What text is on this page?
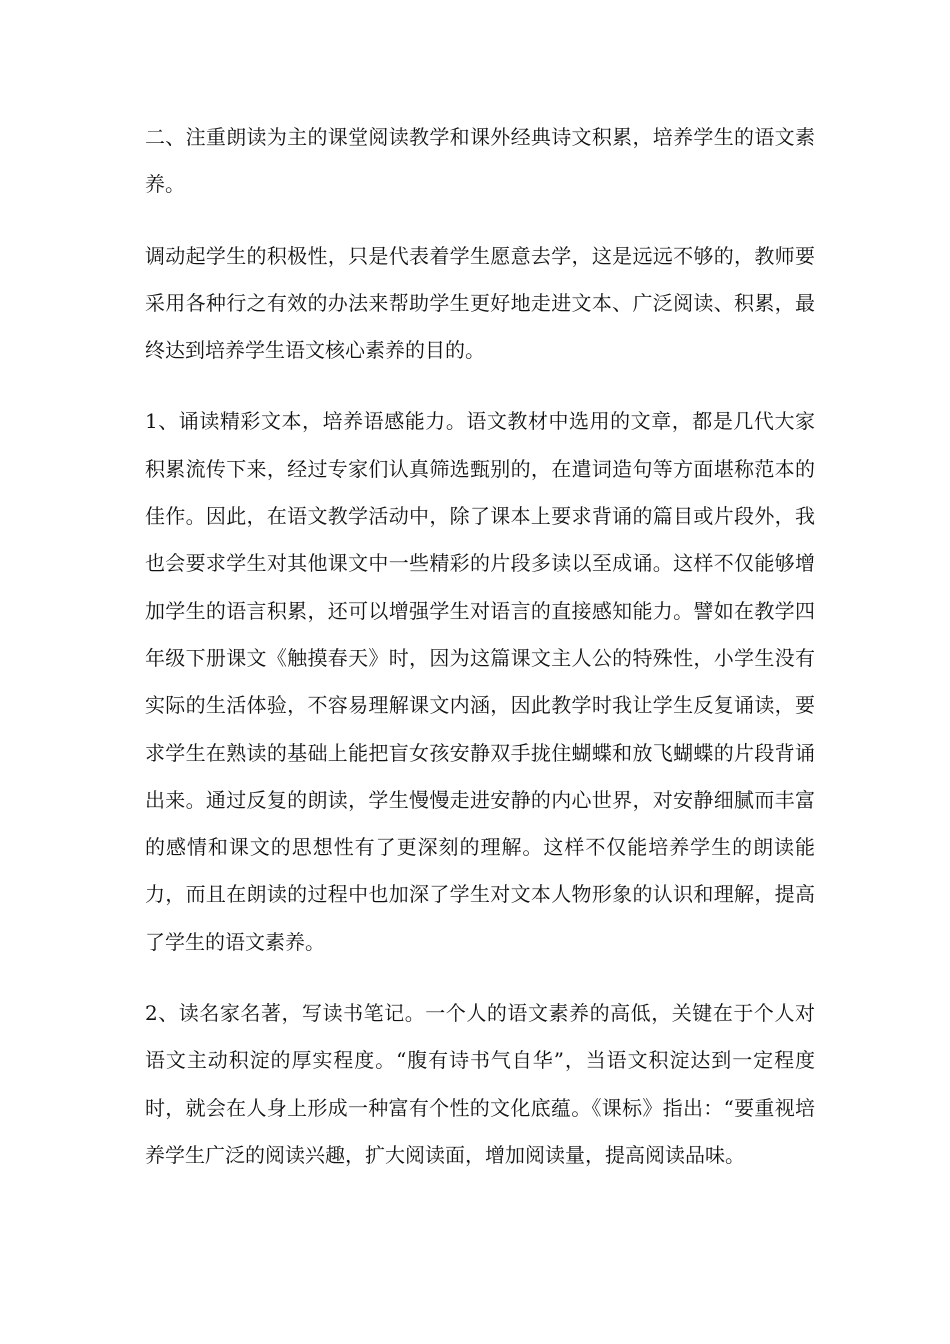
二、注重朗读为主的课堂阅读教学和课外经典诗文积累，培养学生的语文素养。

调动起学生的积极性，只是代表着学生愿意去学，这是远远不够的，教师要采用各种行之有效的办法来帮助学生更好地走进文本、广泛阅读、积累，最终达到培养学生语文核心素养的目的。

1、诵读精彩文本，培养语感能力。语文教材中选用的文章，都是几代大家积累流传下来，经过专家们认真筛选甄别的，在遣词造句等方面堪称范本的佳作。因此，在语文教学活动中，除了课本上要求背诵的篇目或片段外，我也会要求学生对其他课文中一些精彩的片段多读以至成诵。这样不仅能够增加学生的语言积累，还可以增强学生对语言的直接感知能力。譬如在教学四年级下册课文《触摸春天》时，因为这篇课文主人公的特殊性，小学生没有实际的生活体验，不容易理解课文内涵，因此教学时我让学生反复诵读，要求学生在熟读的基础上能把盲女孩安静双手拢住蝴蝶和放飞蝴蝶的片段背诵出来。通过反复的朗读，学生慢慢走进安静的内心世界，对安静细腻而丰富的感情和课文的思想性有了更深刻的理解。这样不仅能培养学生的朗读能力，而且在朗读的过程中也加深了学生对文本人物形象的认识和理解，提高了学生的语文素养。

2、读名家名著，写读书笔记。一个人的语文素养的高低，关键在于个人对语文主动积淀的厚实程度。“腹有诗书气自华”，当语文积淀达到一定程度时，就会在人身上形成一种富有个性的文化底蕴。《课标》指出：“要重视培养学生广泛的阅读兴趣，扩大阅读面，增加阅读量，提高阅读品味。
